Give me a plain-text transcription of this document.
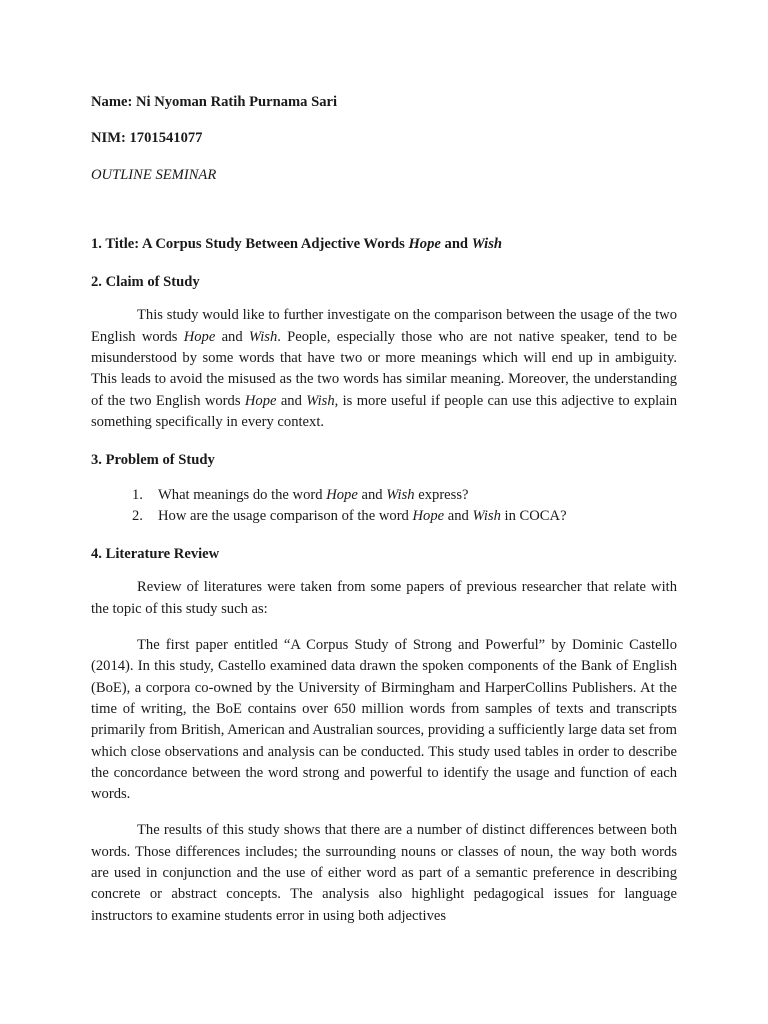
Name: Ni Nyoman Ratih Purnama Sari

NIM: 1701541077

OUTLINE SEMINAR

1. Title: A Corpus Study Between Adjective Words Hope and Wish

2. Claim of Study

This study would like to further investigate on the comparison between the usage of the two English words Hope and Wish. People, especially those who are not native speaker, tend to be misunderstood by some words that have two or more meanings which will end up in ambiguity. This leads to avoid the misused as the two words has similar meaning. Moreover, the understanding of the two English words Hope and Wish, is more useful if people can use this adjective to explain something specifically in every context.

3. Problem of Study

1.	What meanings do the word Hope and Wish express?
2.	How are the usage comparison of the word Hope and Wish in COCA?

4. Literature Review

Review of literatures were taken from some papers of previous researcher that relate with the topic of this study such as:

The first paper entitled “A Corpus Study of Strong and Powerful” by Dominic Castello (2014). In this study, Castello examined data drawn the spoken components of the Bank of English (BoE), a corpora co-owned by the University of Birmingham and HarperCollins Publishers. At the time of writing, the BoE contains over 650 million words from samples of texts and transcripts primarily from British, American and Australian sources, providing a sufficiently large data set from which close observations and analysis can be conducted. This study used tables in order to describe the concordance between the word strong and powerful to identify the usage and function of each words.

The results of this study shows that there are a number of distinct differences between both words. Those differences includes; the surrounding nouns or classes of noun, the way both words are used in conjunction and the use of either word as part of a semantic preference in describing concrete or abstract concepts. The analysis also highlight pedagogical issues for language instructors to examine students error in using both adjectives
